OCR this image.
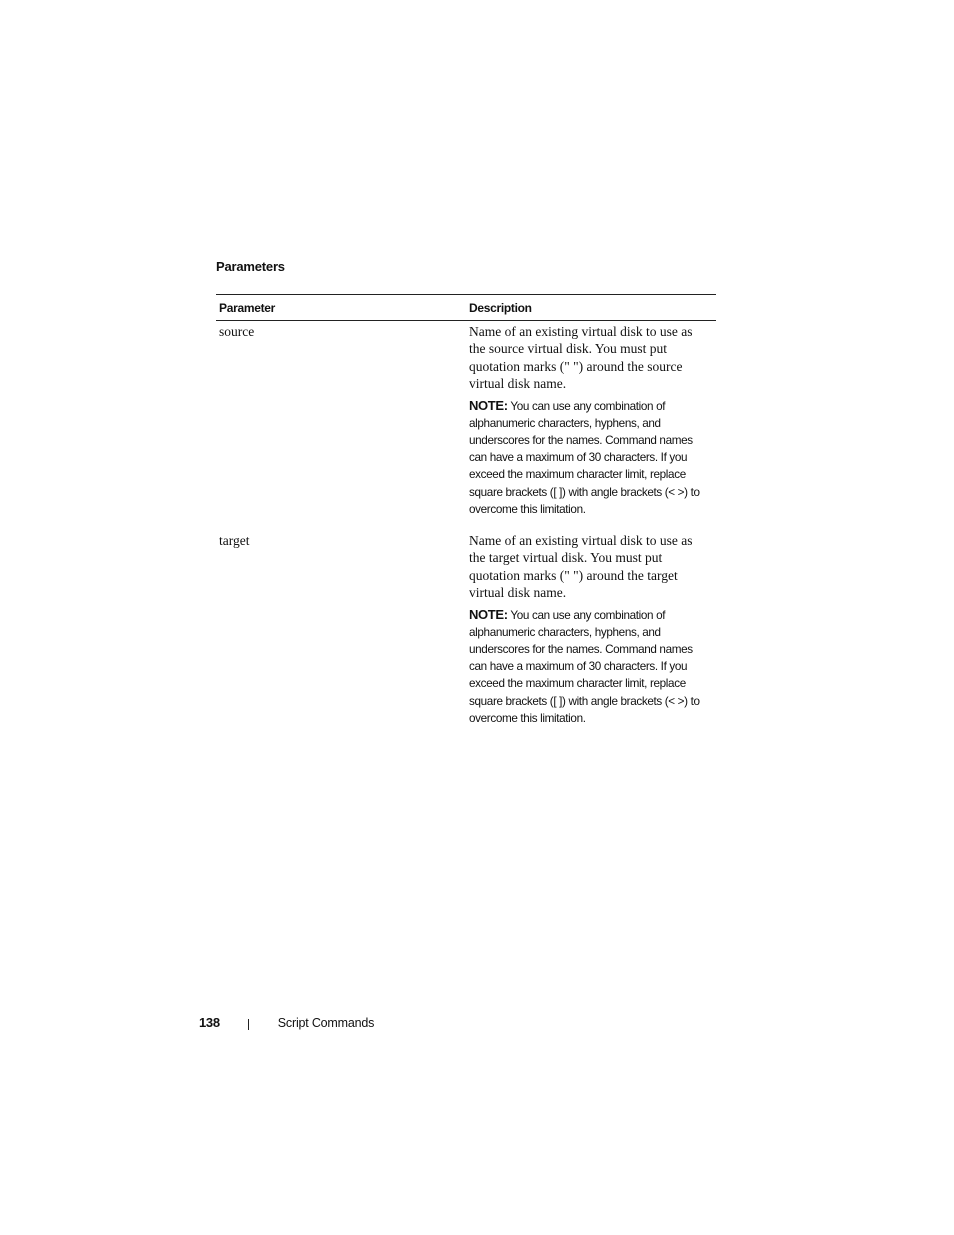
Parameters
Parameter	Description
source	Name of an existing virtual disk to use as the source virtual disk. You must put quotation marks (" ") around the source virtual disk name.

NOTE: You can use any combination of alphanumeric characters, hyphens, and underscores for the names. Command names can have a maximum of 30 characters. If you exceed the maximum character limit, replace square brackets ([ ]) with angle brackets (< >) to overcome this limitation.
target	Name of an existing virtual disk to use as the target virtual disk. You must put quotation marks (" ") around the target virtual disk name.

NOTE: You can use any combination of alphanumeric characters, hyphens, and underscores for the names. Command names can have a maximum of 30 characters. If you exceed the maximum character limit, replace square brackets ([ ]) with angle brackets (< >) to overcome this limitation.
138	Script Commands
